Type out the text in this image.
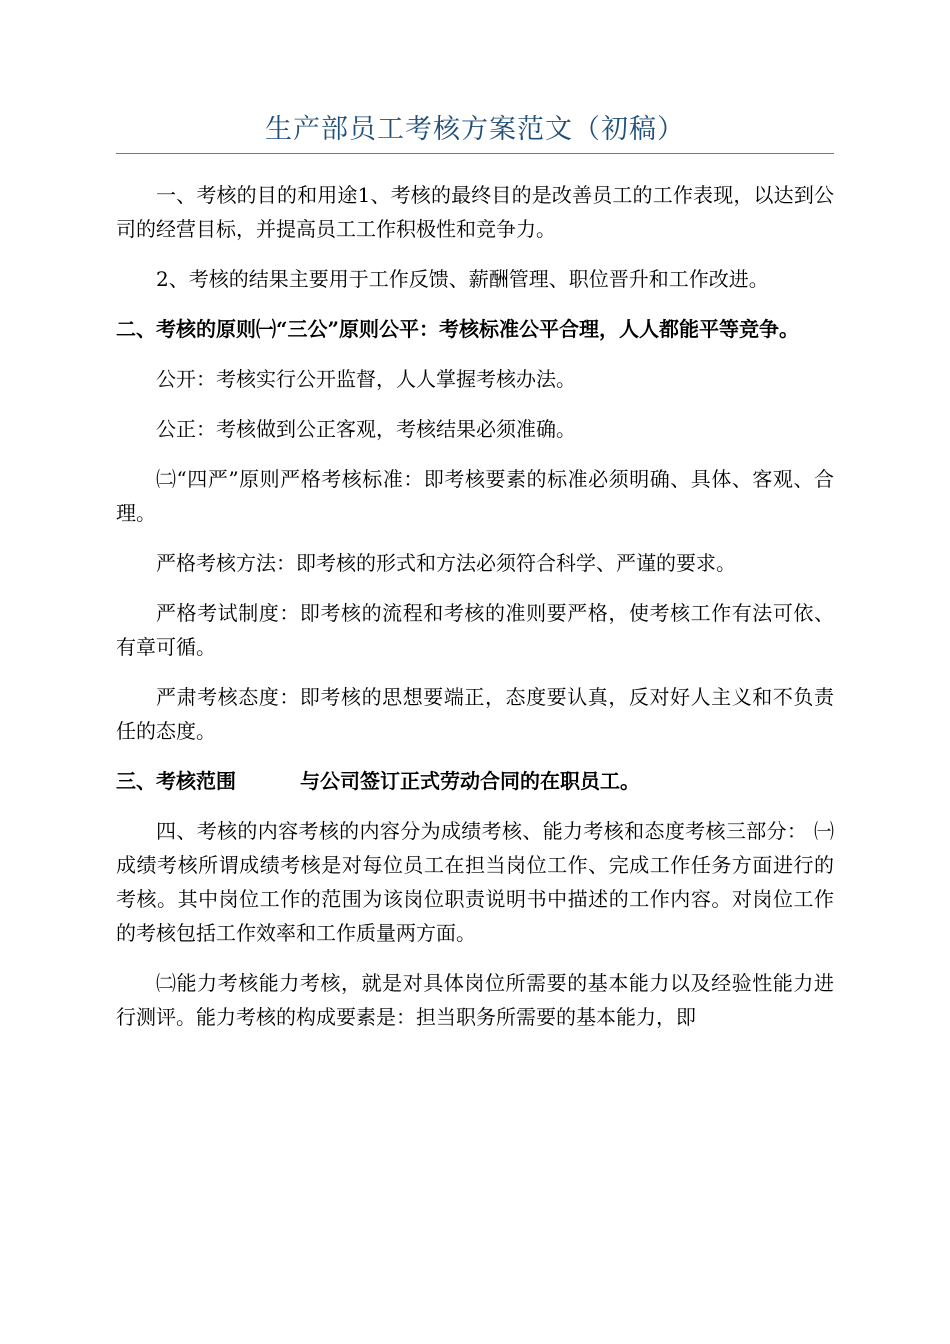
生产部员工考核方案范文（初稿）

一、考核的目的和用途1、考核的最终目的是改善员工的工作表现，以达到公司的经营目标，并提高员工工作积极性和竞争力。

2、考核的结果主要用于工作反馈、薪酬管理、职位晋升和工作改进。

二、考核的原则㈠“三公”原则公平：考核标准公平合理，人人都能平等竞争。

公开：考核实行公开监督，人人掌握考核办法。

公正：考核做到公正客观，考核结果必须准确。

㈡“四严”原则严格考核标准：即考核要素的标准必须明确、具体、客观、合理。

严格考核方法：即考核的形式和方法必须符合科学、严谨的要求。

严格考试制度：即考核的流程和考核的准则要严格，使考核工作有法可依、有章可循。

严肃考核态度：即考核的思想要端正，态度要认真，反对好人主义和不负责任的态度。

三、考核范围	与公司签订正式劳动合同的在职员工。

四、考核的内容考核的内容分为成绩考核、能力考核和态度考核三部分： ㈠成绩考核所谓成绩考核是对每位员工在担当岗位工作、完成工作任务方面进行的考核。其中岗位工作的范围为该岗位职责说明书中描述的工作内容。对岗位工作的考核包括工作效率和工作质量两方面。

㈡能力考核能力考核，就是对具体岗位所需要的基本能力以及经验性能力进行测评。能力考核的构成要素是：担当职务所需要的基本能力，即
